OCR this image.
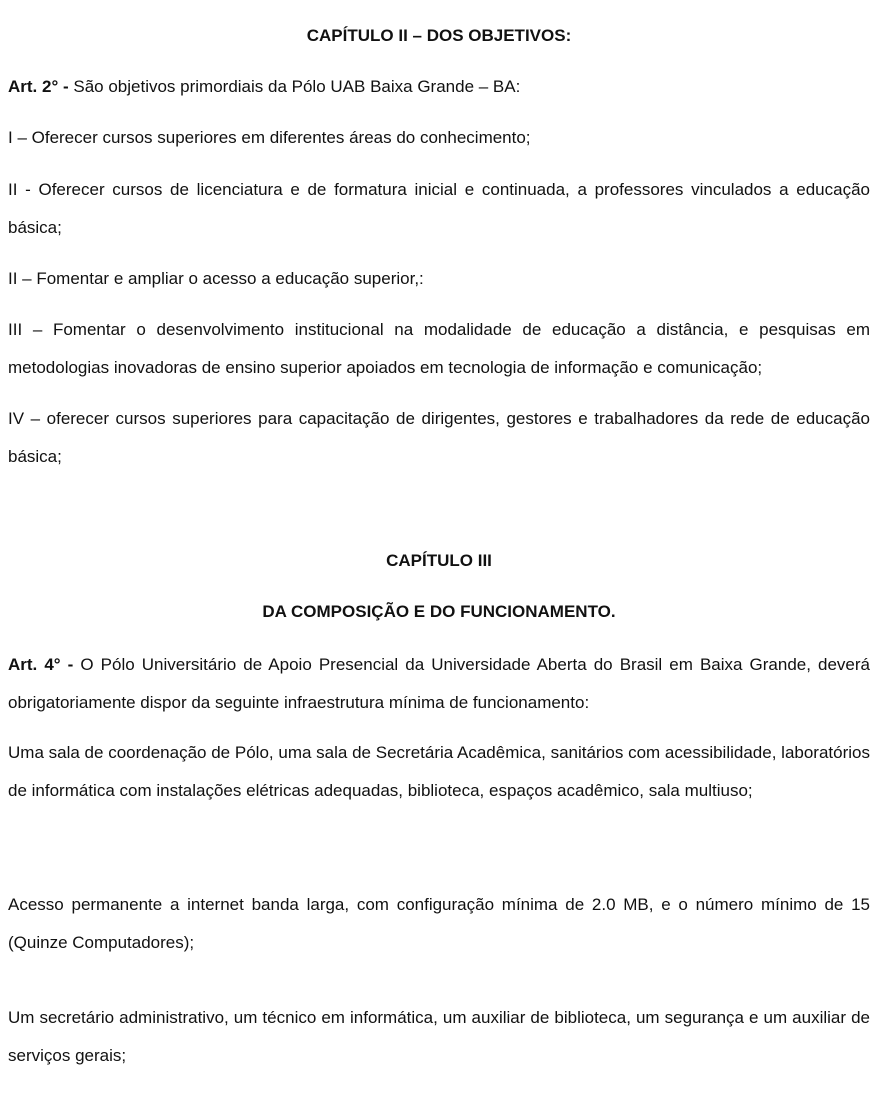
CAPÍTULO II – DOS OBJETIVOS:

Art. 2° - São objetivos primordiais da Pólo UAB Baixa Grande – BA:

I – Oferecer cursos superiores em diferentes áreas do conhecimento;

II - Oferecer cursos de licenciatura e de formatura inicial e continuada, a professores vinculados a educação básica;

II – Fomentar e ampliar o acesso a educação superior,:

III – Fomentar o desenvolvimento institucional na modalidade de educação a distância, e pesquisas em metodologias inovadoras de ensino superior apoiados em tecnologia de informação e comunicação;

IV – oferecer cursos superiores para capacitação de dirigentes, gestores e trabalhadores da rede de educação básica;

CAPÍTULO III
DA COMPOSIÇÃO E DO FUNCIONAMENTO.

Art. 4° - O Pólo Universitário de Apoio Presencial da Universidade Aberta do Brasil em Baixa Grande, deverá obrigatoriamente dispor da seguinte infraestrutura mínima de funcionamento:

Uma sala de coordenação de Pólo, uma sala de Secretária Acadêmica, sanitários com acessibilidade, laboratórios de informática com instalações elétricas adequadas, biblioteca, espaços acadêmico, sala multiuso;

Acesso permanente a internet banda larga, com configuração mínima de 2.0 MB, e o número mínimo de 15 (Quinze Computadores);

Um secretário administrativo, um técnico em informática, um auxiliar de biblioteca, um segurança e um auxiliar de serviços gerais;
